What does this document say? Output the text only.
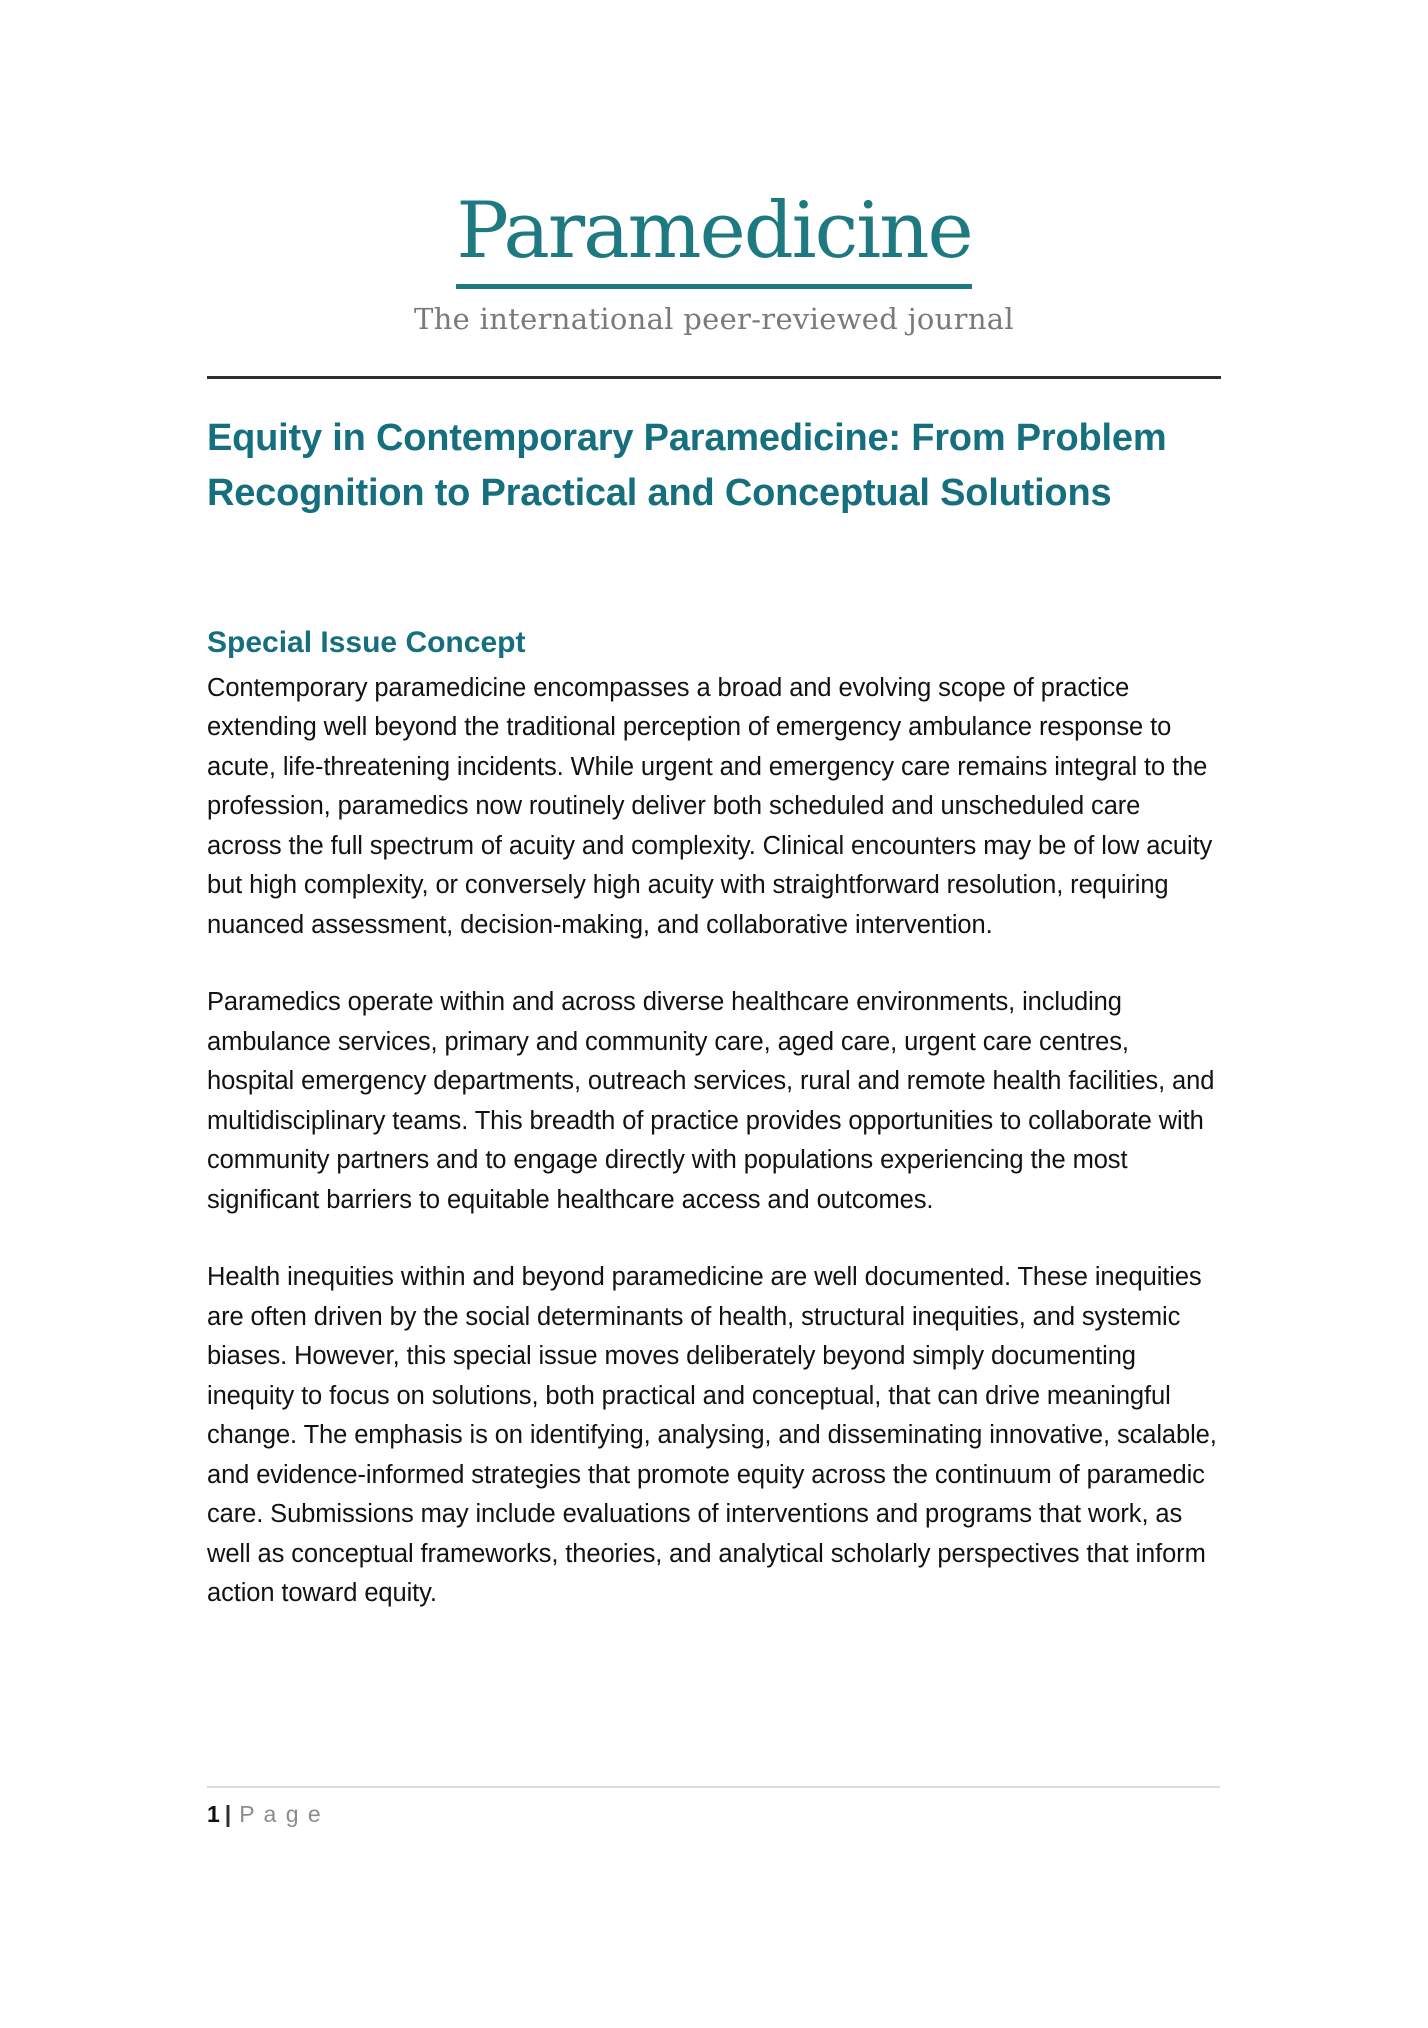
Paramedicine
The international peer-reviewed journal
Equity in Contemporary Paramedicine: From Problem Recognition to Practical and Conceptual Solutions
Special Issue Concept

Contemporary paramedicine encompasses a broad and evolving scope of practice extending well beyond the traditional perception of emergency ambulance response to acute, life-threatening incidents. While urgent and emergency care remains integral to the profession, paramedics now routinely deliver both scheduled and unscheduled care across the full spectrum of acuity and complexity. Clinical encounters may be of low acuity but high complexity, or conversely high acuity with straightforward resolution, requiring nuanced assessment, decision-making, and collaborative intervention.

Paramedics operate within and across diverse healthcare environments, including ambulance services, primary and community care, aged care, urgent care centres, hospital emergency departments, outreach services, rural and remote health facilities, and multidisciplinary teams. This breadth of practice provides opportunities to collaborate with community partners and to engage directly with populations experiencing the most significant barriers to equitable healthcare access and outcomes.

Health inequities within and beyond paramedicine are well documented. These inequities are often driven by the social determinants of health, structural inequities, and systemic biases. However, this special issue moves deliberately beyond simply documenting inequity to focus on solutions, both practical and conceptual, that can drive meaningful change. The emphasis is on identifying, analysing, and disseminating innovative, scalable, and evidence-informed strategies that promote equity across the continuum of paramedic care. Submissions may include evaluations of interventions and programs that work, as well as conceptual frameworks, theories, and analytical scholarly perspectives that inform action toward equity.

1 | P a g e
